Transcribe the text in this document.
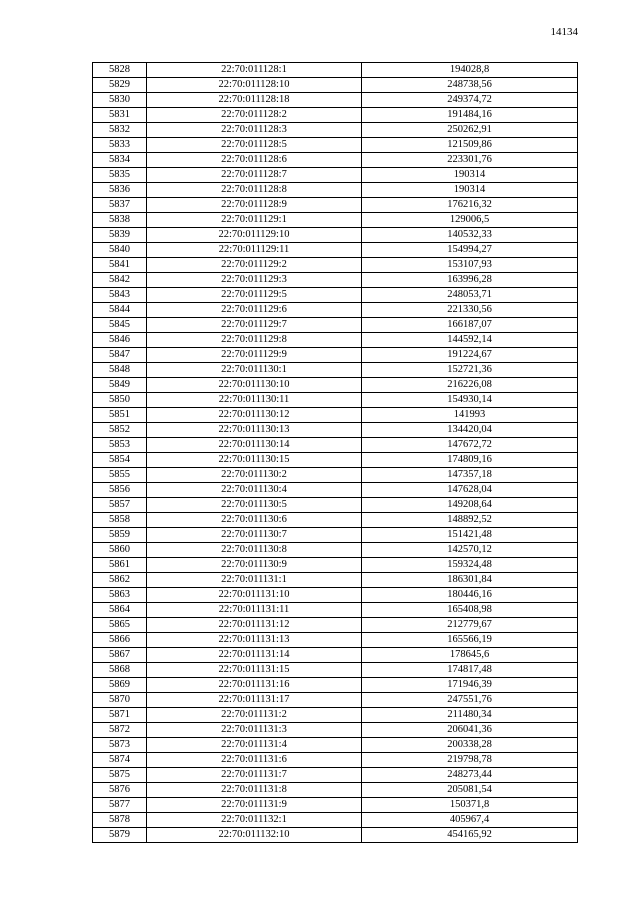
14134
5828	22:70:011128:1	194028,8
5829	22:70:011128:10	248738,56
5830	22:70:011128:18	249374,72
5831	22:70:011128:2	191484,16
5832	22:70:011128:3	250262,91
5833	22:70:011128:5	121509,86
5834	22:70:011128:6	223301,76
5835	22:70:011128:7	190314
5836	22:70:011128:8	190314
5837	22:70:011128:9	176216,32
5838	22:70:011129:1	129006,5
5839	22:70:011129:10	140532,33
5840	22:70:011129:11	154994,27
5841	22:70:011129:2	153107,93
5842	22:70:011129:3	163996,28
5843	22:70:011129:5	248053,71
5844	22:70:011129:6	221330,56
5845	22:70:011129:7	166187,07
5846	22:70:011129:8	144592,14
5847	22:70:011129:9	191224,67
5848	22:70:011130:1	152721,36
5849	22:70:011130:10	216226,08
5850	22:70:011130:11	154930,14
5851	22:70:011130:12	141993
5852	22:70:011130:13	134420,04
5853	22:70:011130:14	147672,72
5854	22:70:011130:15	174809,16
5855	22:70:011130:2	147357,18
5856	22:70:011130:4	147628,04
5857	22:70:011130:5	149208,64
5858	22:70:011130:6	148892,52
5859	22:70:011130:7	151421,48
5860	22:70:011130:8	142570,12
5861	22:70:011130:9	159324,48
5862	22:70:011131:1	186301,84
5863	22:70:011131:10	180446,16
5864	22:70:011131:11	165408,98
5865	22:70:011131:12	212779,67
5866	22:70:011131:13	165566,19
5867	22:70:011131:14	178645,6
5868	22:70:011131:15	174817,48
5869	22:70:011131:16	171946,39
5870	22:70:011131:17	247551,76
5871	22:70:011131:2	211480,34
5872	22:70:011131:3	206041,36
5873	22:70:011131:4	200338,28
5874	22:70:011131:6	219798,78
5875	22:70:011131:7	248273,44
5876	22:70:011131:8	205081,54
5877	22:70:011131:9	150371,8
5878	22:70:011132:1	405967,4
5879	22:70:011132:10	454165,92
